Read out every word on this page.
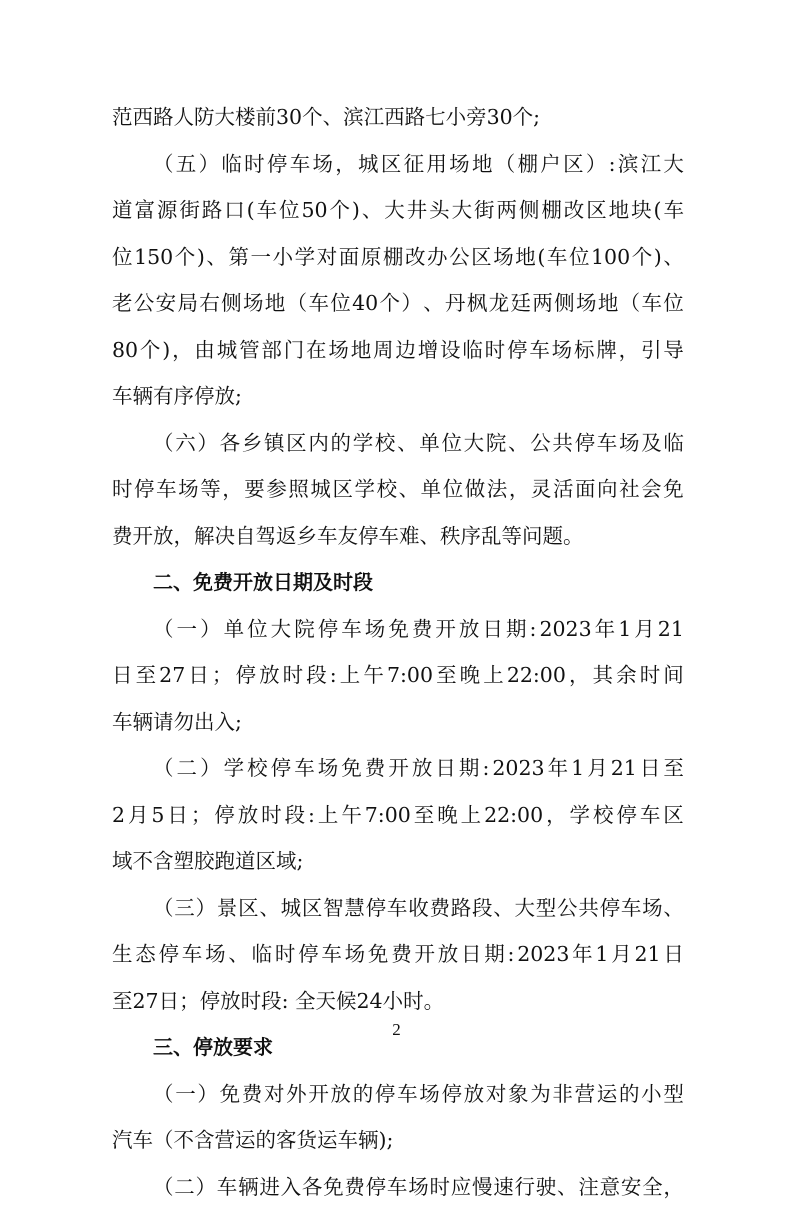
范西路人防大楼前30个、滨江西路七小旁30个;
（ 五 ） 临 时 停 车 场 ， 城 区 征 用 场 地 （ 棚 户 区 ） : 滨 江 大
道 富 源 街 路 口 ( 车 位 50 个 ) 、 大 井 头 大 街 两 侧 棚 改 区 地 块 ( 车
位 150 个 ) 、 第 一 小 学 对 面 原 棚 改 办 公 区 场 地 ( 车 位 100 个 ) 、
老 公 安 局 右 侧 场 地 （ 车 位 40 个 ） 、 丹 枫 龙 廷 两 侧 场 地 （ 车 位
80 个 ) ， 由 城 管 部 门 在 场 地 周 边 增 设 临 时 停 车 场 标 牌 ， 引 导
车辆有序停放;
（ 六 ） 各 乡 镇 区 内 的 学 校 、 单 位 大 院 、 公 共 停 车 场 及 临
时 停 车 场 等 ， 要 参 照 城 区 学 校 、 单 位 做 法 ， 灵 活 面 向 社 会 免
费开放，解决自驾返乡车友停车难、秩序乱等问题。
二、免费开放日期及时段
（ 一 ） 单 位 大 院 停 车 场 免 费 开 放 日 期 : 2023 年 1 月 21
日 至 27 日 ； 停 放 时 段 : 上 午 7:00 至 晚 上 22:00 ， 其 余 时 间
车辆请勿出入;
（ 二 ） 学 校 停 车 场 免 费 开 放 日 期 : 2023 年 1 月 21 日 至
2 月 5 日 ； 停 放 时 段 : 上 午 7:00 至 晚 上 22:00 ， 学 校 停 车 区
域不含塑胶跑道区域;
（ 三 ） 景 区 、 城 区 智 慧 停 车 收 费 路 段 、 大 型 公 共 停 车 场 、
生 态 停 车 场 、 临 时 停 车 场 免 费 开 放 日 期 : 2023 年 1 月 21 日
至27日；停放时段: 全天候24小时。
三、停放要求
（ 一 ） 免 费 对 外 开 放 的 停 车 场 停 放 对 象 为 非 营 运 的 小 型
汽车（不含营运的客货运车辆);
（ 二 ） 车 辆 进 入 各 免 费 停 车 场 时 应 慢 速 行 驶 、 注 意 安 全 ，
2
